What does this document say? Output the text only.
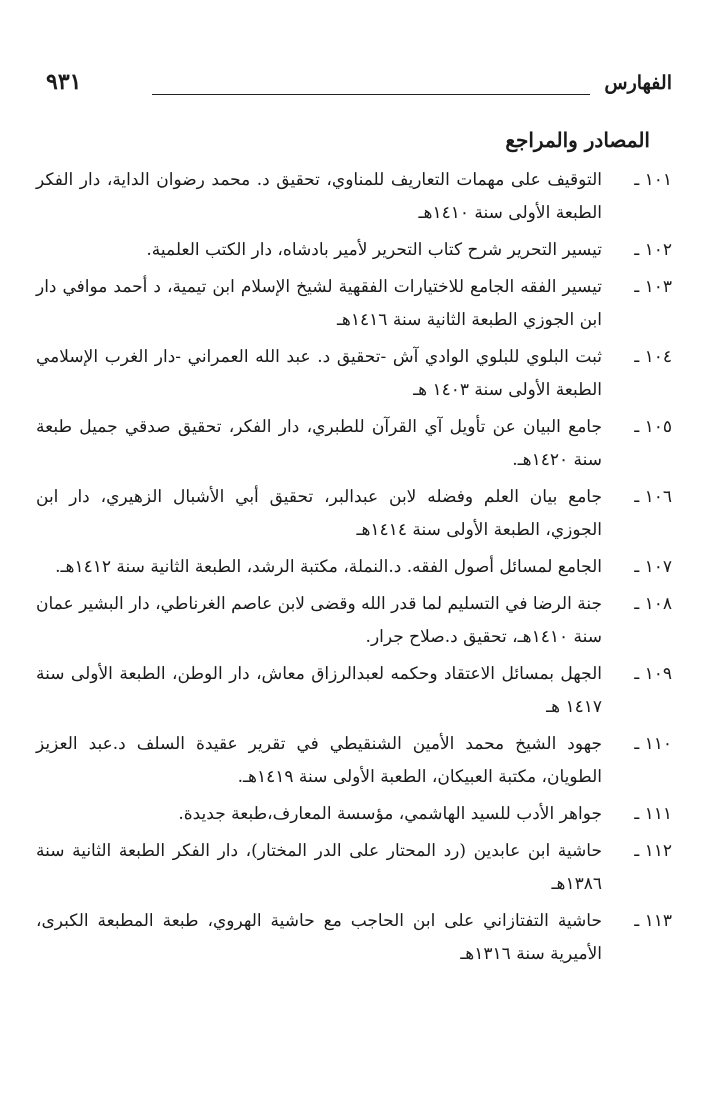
الفهارس
٩٣١
المصادر والمراجع
١٠١ ـ
التوقيف على مهمات التعاريف للمناوي، تحقيق د. محمد رضوان الداية، دار الفكر الطبعة الأولى سنة ١٤١٠هـ
١٠٢ ـ
تيسير التحرير شرح كتاب التحرير لأمير بادشاه، دار الكتب العلمية.
١٠٣ ـ
تيسير الفقه الجامع للاختيارات الفقهية لشيخ الإسلام ابن تيمية، د أحمد موافي دار ابن الجوزي الطبعة الثانية سنة ١٤١٦هـ
١٠٤ ـ
ثبت البلوي للبلوي الوادي آش -تحقيق د. عبد الله العمراني -دار الغرب الإسلامي الطبعة الأولى سنة ١٤٠٣ هـ
١٠٥ ـ
جامع البيان عن تأويل آي القرآن للطبري، دار الفكر، تحقيق صدقي جميل طبعة سنة ١٤٢٠هـ.
١٠٦ ـ
جامع بيان العلم وفضله لابن عبدالبر، تحقيق أبي الأشبال الزهيري، دار ابن الجوزي، الطبعة الأولى سنة ١٤١٤هـ
١٠٧ ـ
الجامع لمسائل أصول الفقه. د.النملة، مكتبة الرشد، الطبعة الثانية سنة ١٤١٢هـ.
١٠٨ ـ
جنة الرضا في التسليم لما قدر الله وقضى لابن عاصم الغرناطي، دار البشير عمان سنة ١٤١٠هـ، تحقيق د.صلاح جرار.
١٠٩ ـ
الجهل بمسائل الاعتقاد وحكمه لعبدالرزاق معاش، دار الوطن، الطبعة الأولى سنة ١٤١٧ هـ
١١٠ ـ
جهود الشيخ محمد الأمين الشنقيطي في تقرير عقيدة السلف د.عبد العزيز الطويان، مكتبة العبيكان، الطعبة الأولى سنة ١٤١٩هـ.
١١١ ـ
جواهر الأدب للسيد الهاشمي، مؤسسة المعارف،طبعة جديدة.
١١٢ ـ
حاشية ابن عابدين (رد المحتار على الدر المختار)، دار الفكر الطبعة الثانية سنة ١٣٨٦هـ
١١٣ ـ
حاشية التفتازاني على ابن الحاجب مع حاشية الهروي، طبعة المطبعة الكبرى، الأميرية سنة ١٣١٦هـ
